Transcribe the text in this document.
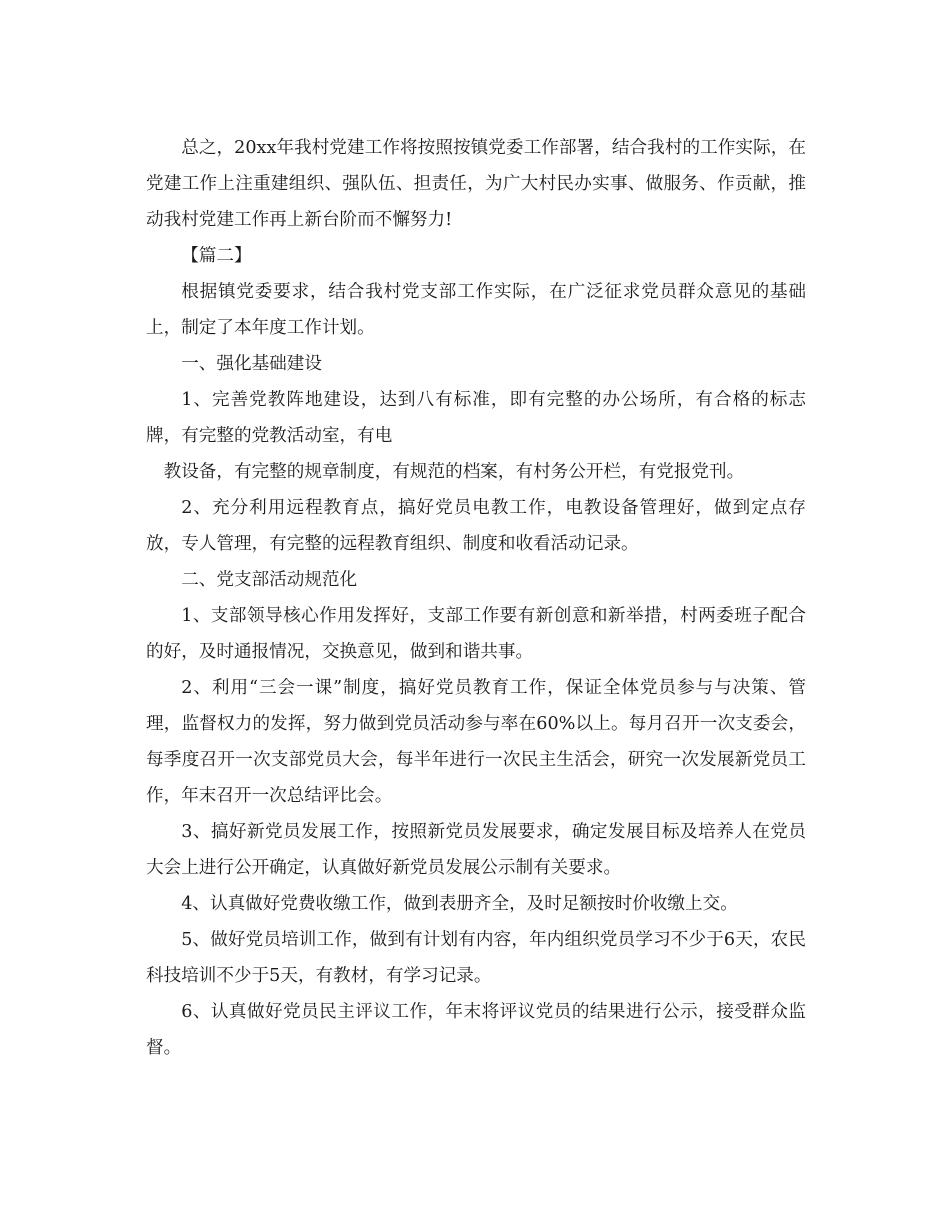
总之，20xx年我村党建工作将按照按镇党委工作部署，结合我村的工作实际，在党建工作上注重建组织、强队伍、担责任，为广大村民办实事、做服务、作贡献，推动我村党建工作再上新台阶而不懈努力!

【篇二】

根据镇党委要求，结合我村党支部工作实际，在广泛征求党员群众意见的基础上，制定了本年度工作计划。

一、强化基础建设

1、完善党教阵地建设，达到八有标准，即有完整的办公场所，有合格的标志牌，有完整的党教活动室，有电

教设备，有完整的规章制度，有规范的档案，有村务公开栏，有党报党刊。

2、充分利用远程教育点，搞好党员电教工作，电教设备管理好，做到定点存放，专人管理，有完整的远程教育组织、制度和收看活动记录。

二、党支部活动规范化

1、支部领导核心作用发挥好，支部工作要有新创意和新举措，村两委班子配合的好，及时通报情况，交换意见，做到和谐共事。

2、利用“三会一课”制度，搞好党员教育工作，保证全体党员参与与决策、管理，监督权力的发挥，努力做到党员活动参与率在60%以上。每月召开一次支委会，每季度召开一次支部党员大会，每半年进行一次民主生活会，研究一次发展新党员工作，年末召开一次总结评比会。

3、搞好新党员发展工作，按照新党员发展要求，确定发展目标及培养人在党员大会上进行公开确定，认真做好新党员发展公示制有关要求。

4、认真做好党费收缴工作，做到表册齐全，及时足额按时价收缴上交。

5、做好党员培训工作，做到有计划有内容，年内组织党员学习不少于6天，农民科技培训不少于5天，有教材，有学习记录。

6、认真做好党员民主评议工作，年末将评议党员的结果进行公示，接受群众监督。
